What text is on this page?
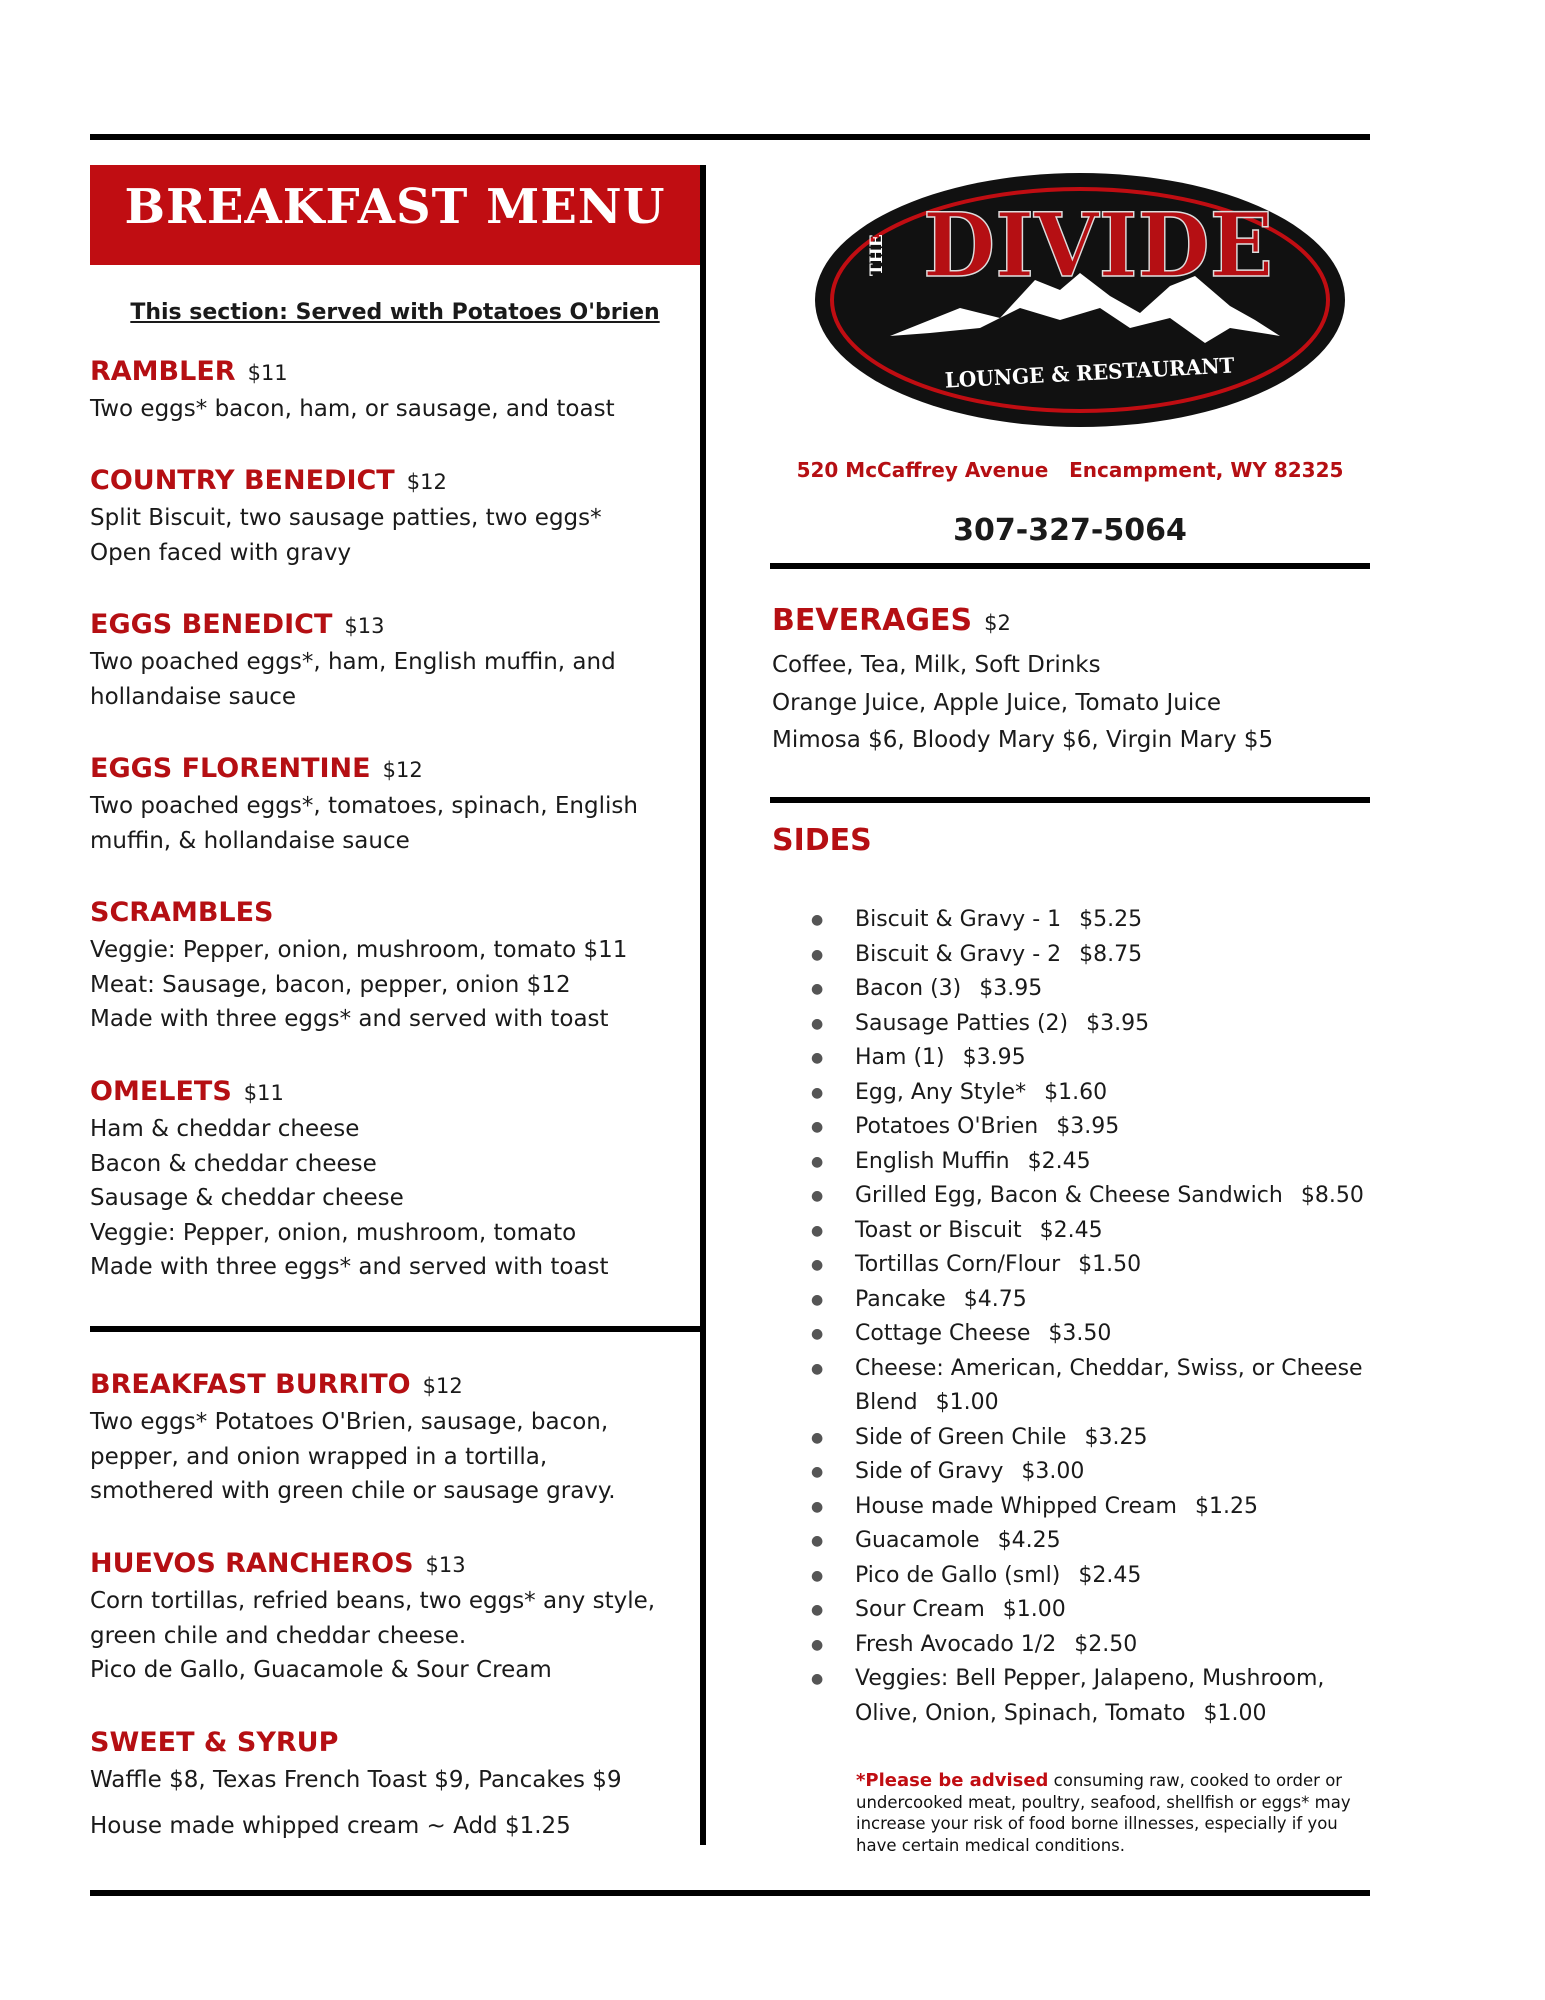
BREAKFAST MENU
This section: Served with Potatoes O'brien
RAMBLER $11
Two eggs* bacon, ham, or sausage, and toast
COUNTRY BENEDICT $12
Split Biscuit, two sausage patties, two eggs*
Open faced with gravy
EGGS BENEDICT $13
Two poached eggs*, ham, English muffin, and
hollandaise sauce
EGGS FLORENTINE $12
Two poached eggs*, tomatoes, spinach, English
muffin, & hollandaise sauce
SCRAMBLES
Veggie: Pepper, onion, mushroom, tomato $11
Meat: Sausage, bacon, pepper, onion $12
Made with three eggs* and served with toast
OMELETS $11
Ham & cheddar cheese
Bacon & cheddar cheese
Sausage & cheddar cheese
Veggie: Pepper, onion, mushroom, tomato
Made with three eggs* and served with toast
BREAKFAST BURRITO $12
Two eggs* Potatoes O'Brien, sausage, bacon,
pepper, and onion wrapped in a tortilla,
smothered with green chile or sausage gravy.
HUEVOS RANCHEROS $13
Corn tortillas, refried beans, two eggs* any style,
green chile and cheddar cheese.
Pico de Gallo, Guacamole & Sour Cream
SWEET & SYRUP
Waffle $8, Texas French Toast $9, Pancakes $9
House made whipped cream ~ Add $1.25
THE DIVIDE
LOUNGE & RESTAURANT
520 McCaffrey Avenue   Encampment, WY 82325
307-327-5064
BEVERAGES $2
Coffee, Tea, Milk, Soft Drinks
Orange Juice, Apple Juice, Tomato Juice
Mimosa $6, Bloody Mary $6, Virgin Mary $5
SIDES
● Biscuit & Gravy - 1 $5.25
● Biscuit & Gravy - 2 $8.75
● Bacon (3) $3.95
● Sausage Patties (2) $3.95
● Ham (1) $3.95
● Egg, Any Style* $1.60
● Potatoes O'Brien $3.95
● English Muffin $2.45
● Grilled Egg, Bacon & Cheese Sandwich $8.50
● Toast or Biscuit $2.45
● Tortillas Corn/Flour $1.50
● Pancake $4.75
● Cottage Cheese $3.50
● Cheese: American, Cheddar, Swiss, or Cheese Blend $1.00
● Side of Green Chile $3.25
● Side of Gravy $3.00
● House made Whipped Cream $1.25
● Guacamole $4.25
● Pico de Gallo (sml) $2.45
● Sour Cream $1.00
● Fresh Avocado 1/2 $2.50
● Veggies: Bell Pepper, Jalapeno, Mushroom, Olive, Onion, Spinach, Tomato $1.00
*Please be advised consuming raw, cooked to order or undercooked meat, poultry, seafood, shellfish or eggs* may increase your risk of food borne illnesses, especially if you have certain medical conditions.
